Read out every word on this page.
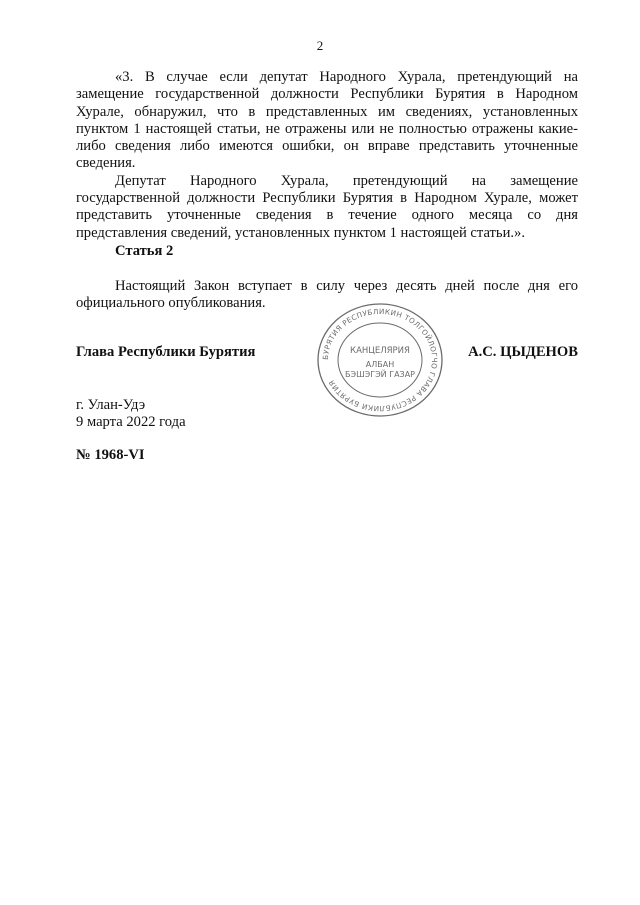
2

«3. В случае если депутат Народного Хурала, претендующий на замещение государственной должности Республики Бурятия в Народном Хурале, обнаружил, что в представленных им сведениях, установленных пунктом 1 настоящей статьи, не отражены или не полностью отражены какие-либо сведения либо имеются ошибки, он вправе представить уточненные сведения.

Депутат Народного Хурала, претендующий на замещение государственной должности Республики Бурятия в Народном Хурале, может представить уточненные сведения в течение одного месяца со дня представления сведений, установленных пунктом 1 настоящей статьи.».

Статья 2

Настоящий Закон вступает в силу через десять дней после дня его официального опубликования.

Глава Республики Бурятия	БУРЯТИЯ РЕСПУБЛИКИН ТОЛГОЙЛОГЧО ГЛАВА РЕСПУБЛИКИ БУРЯТИЯ
КАНЦЕЛЯРИЯ
АЛБАН
БЭШЭГЭЙ ГАЗАР
А.С. ЦЫДЕНОВ
г. Улан-Удэ
9 марта 2022 года
№ 1968-VI
